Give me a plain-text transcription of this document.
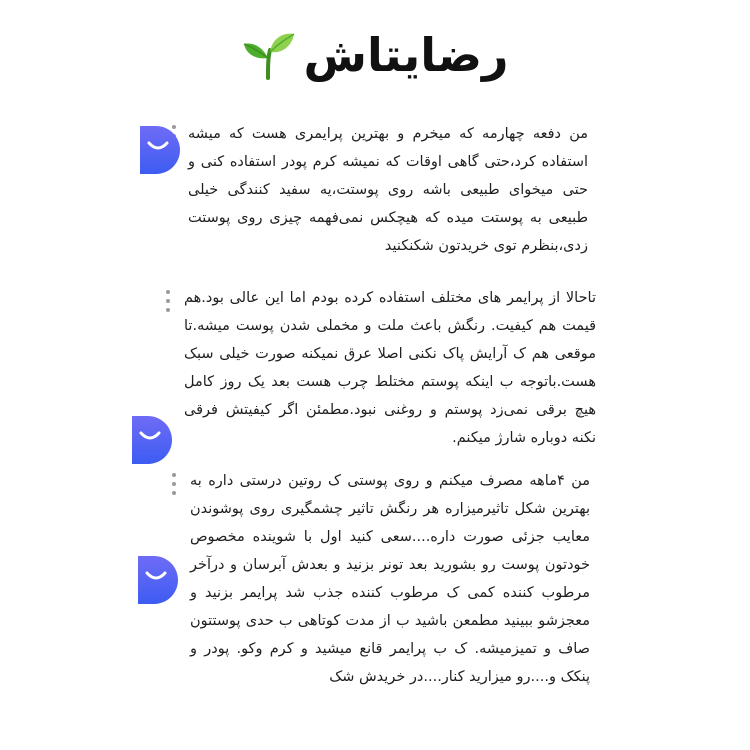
رضایتاش

من دفعه چهارمه که میخرم و بهترین پرایمری هست که میشه استفاده کرد،حتی گاهی اوقات که نمیشه کرم پودر استفاده کنی و حتی میخوای طبیعی باشه روی پوستت،یه سفید کنندگی خیلی طبیعی به پوستت میده که هیچکس نمی‌فهمه چیزی روی پوستت زدی،بنظرم توی خریدتون شکنکنید

تاحالا از پرایمر های مختلف استفاده کرده بودم اما این عالی بود.هم قیمت هم کیفیت. رنگش باعث ملت و مخملی شدن پوست میشه.تا موقعی هم ک آرایش پاک نکنی اصلا عرق نمیکنه صورت خیلی سبک هست.باتوجه ب اینکه پوستم مختلط چرب هست بعد یک روز کامل هیچ برقی نمی‌زد پوستم و روغنی نبود.مطمئن اگر کیفیتش فرقی نکنه دوباره شارژ میکنم.

من ۴ماهه مصرف میکنم و روی پوستی ک روتین درستی داره به بهترین شکل تاثیرمیزاره هر رنگش تاثیر چشمگیری روی پوشوندن معایب جزئی صورت داره....سعی کنید اول با شوینده مخصوص خودتون پوست رو بشورید بعد تونر بزنید و بعدش آبرسان و درآخر مرطوب کننده کمی ک مرطوب کننده جذب شد پرایمر بزنید و معجزشو ببینید مطمعن باشید ب از مدت کوتاهی ب حدی پوستتون صاف و تمیزمیشه. ک ب پرایمر قانع میشید و کرم وکو. پودر و پنکک و....رو میزارید کنار....در خریدش شک
